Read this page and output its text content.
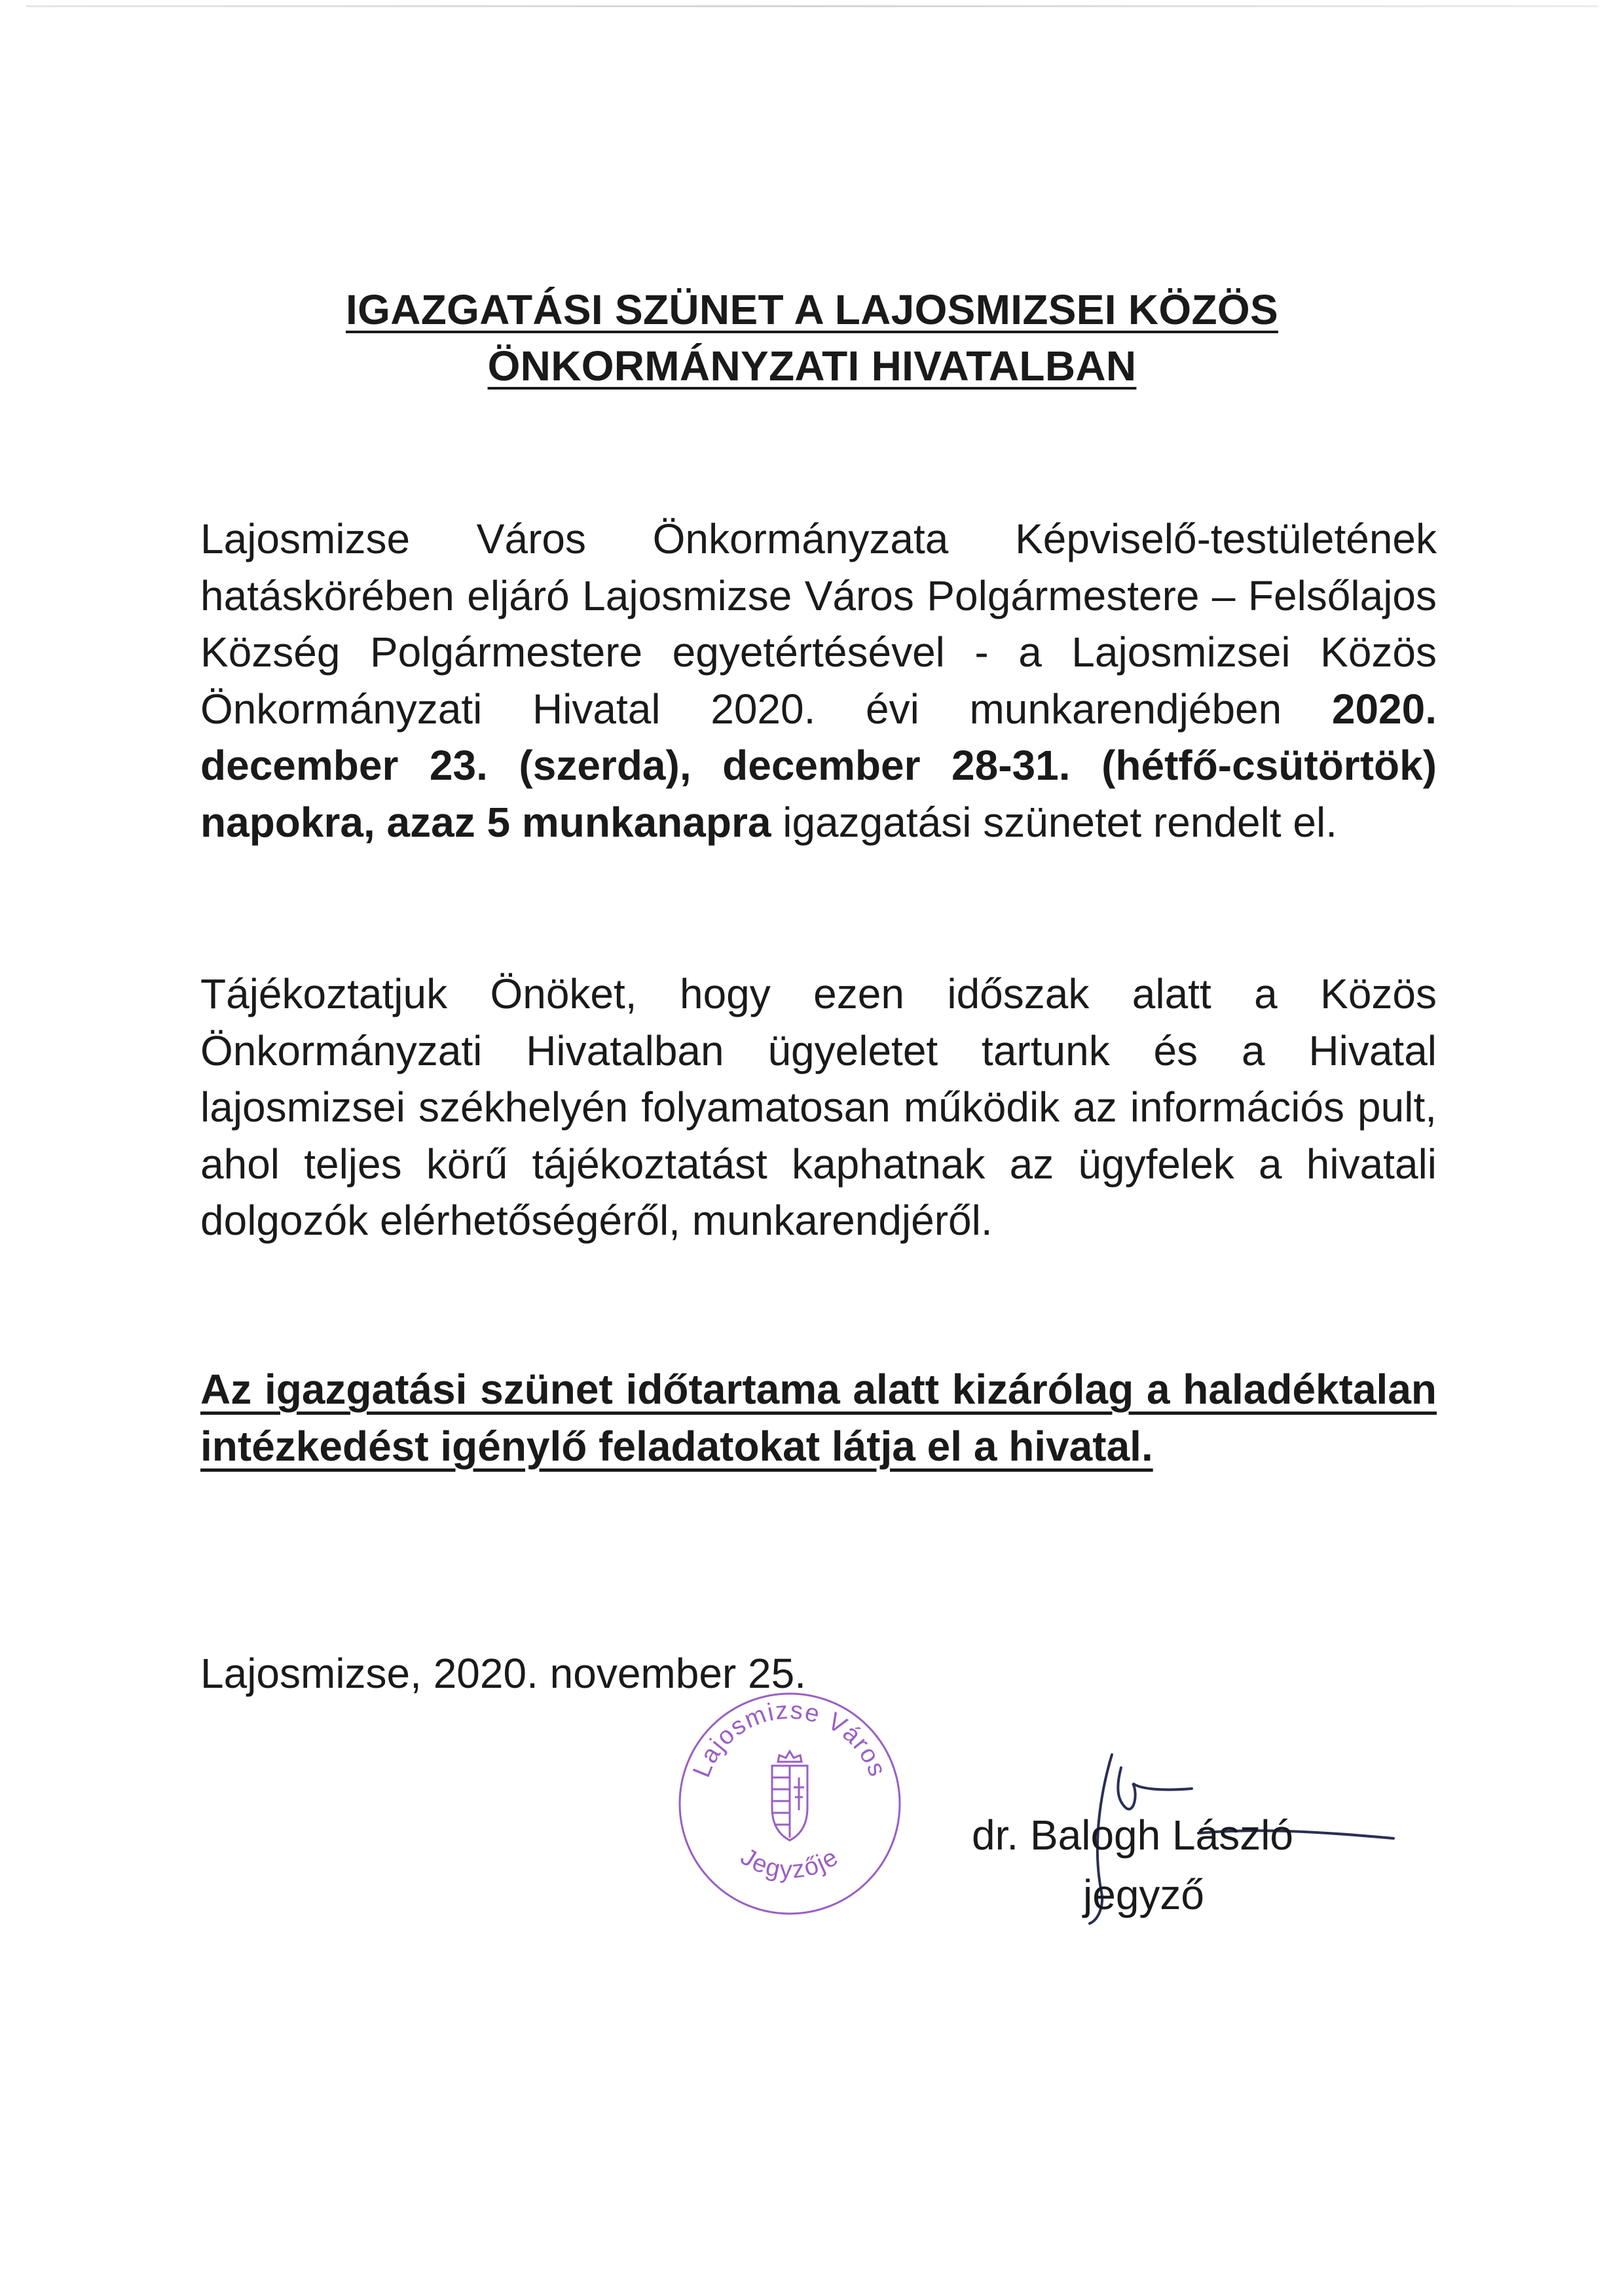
IGAZGATÁSI SZÜNET A LAJOSMIZSEI KÖZÖS
ÖNKORMÁNYZATI HIVATALBAN

Lajosmizse Város Önkormányzata Képviselő-testületének hatáskörében eljáró Lajosmizse Város Polgármestere – Felsőlajos Község Polgármestere egyetértésével - a Lajosmizsei Közös Önkormányzati Hivatal 2020. évi munkarendjében 2020. december 23. (szerda), december 28-31. (hétfő-csütörtök) napokra, azaz 5 munkanapra igazgatási szünetet rendelt el.

Tájékoztatjuk Önöket, hogy ezen időszak alatt a Közös Önkormányzati Hivatalban ügyeletet tartunk és a Hivatal lajosmizsei székhelyén folyamatosan működik az információs pult, ahol teljes körű tájékoztatást kaphatnak az ügyfelek a hivatali dolgozók elérhetőségéről, munkarendjéről.

Az igazgatási szünet időtartama alatt kizárólag a haladéktalan intézkedést igénylő feladatokat látja el a hivatal.

Lajosmizse, 2020. november 25.
Lajosmizse Város
Jegyzője	dr. Balogh László
jegyző
